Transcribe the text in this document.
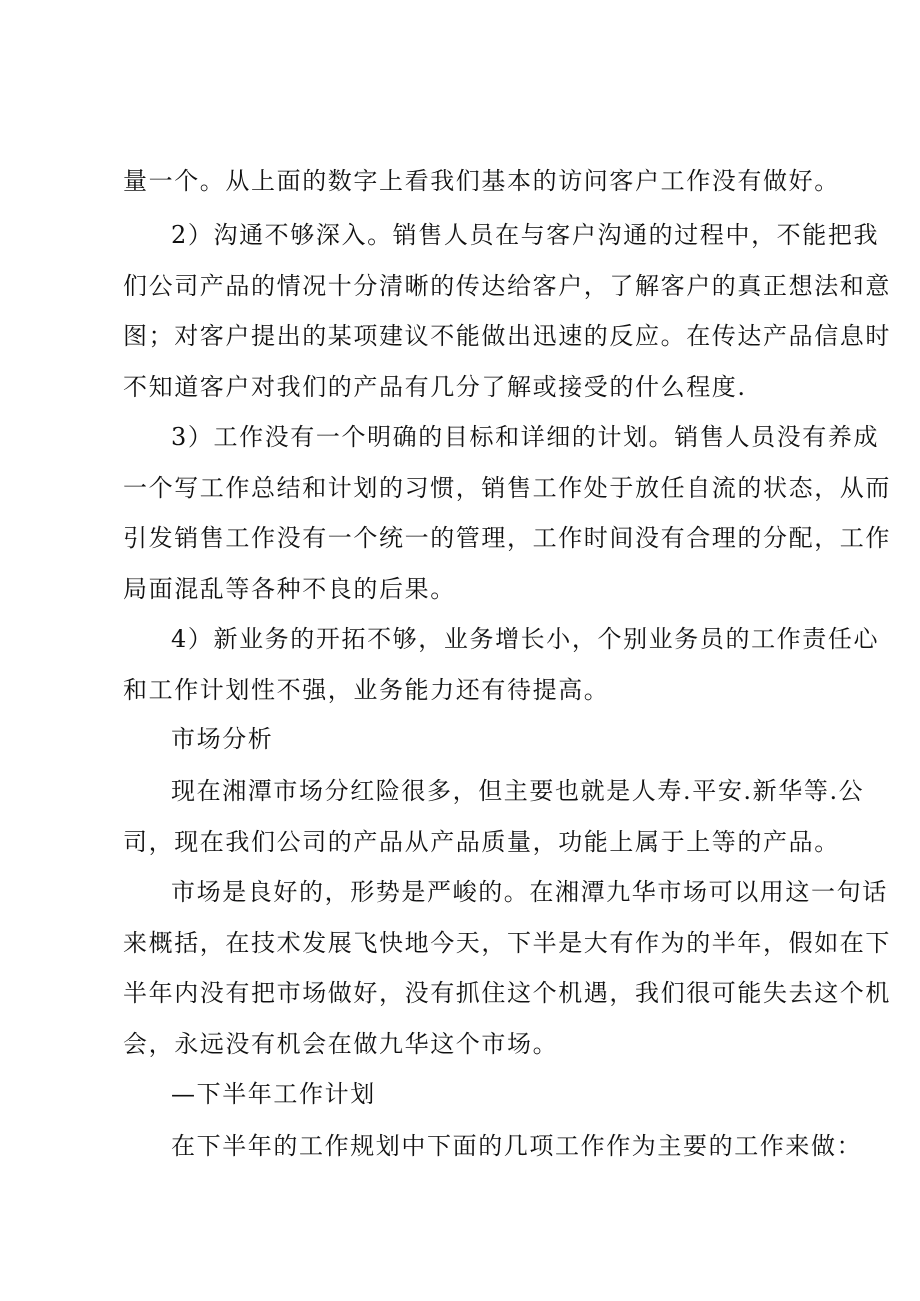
量一个。从上面的数字上看我们基本的访问客户工作没有做好。

2）沟通不够深入。销售人员在与客户沟通的过程中，不能把我
们公司产品的情况十分清晰的传达给客户，了解客户的真正想法和意
图；对客户提出的某项建议不能做出迅速的反应。在传达产品信息时
不知道客户对我们的产品有几分了解或接受的什么程度.

3）工作没有一个明确的目标和详细的计划。销售人员没有养成
一个写工作总结和计划的习惯，销售工作处于放任自流的状态，从而
引发销售工作没有一个统一的管理，工作时间没有合理的分配，工作
局面混乱等各种不良的后果。

4）新业务的开拓不够，业务增长小，个别业务员的工作责任心
和工作计划性不强，业务能力还有待提高。

市场分析

现在湘潭市场分红险很多，但主要也就是人寿.平安.新华等.公
司，现在我们公司的产品从产品质量，功能上属于上等的产品。

市场是良好的，形势是严峻的。在湘潭九华市场可以用这一句话
来概括，在技术发展飞快地今天，下半是大有作为的半年，假如在下
半年内没有把市场做好，没有抓住这个机遇，我们很可能失去这个机
会，永远没有机会在做九华这个市场。

—下半年工作计划

在下半年的工作规划中下面的几项工作作为主要的工作来做：
